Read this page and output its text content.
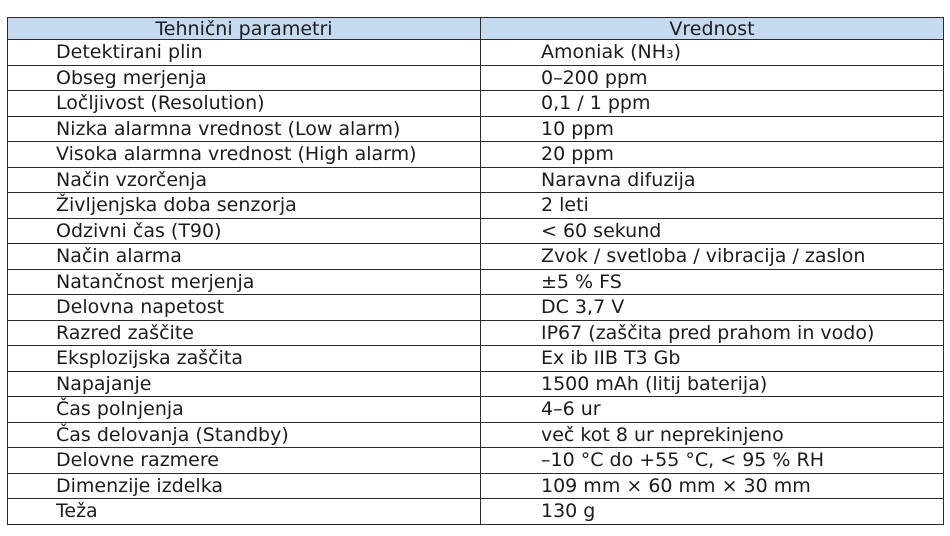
Tehnični parametri	Vrednost
Detektirani plin	Amoniak (NH₃)
Obseg merjenja	0–200 ppm
Ločljivost (Resolution)	0,1 / 1 ppm
Nizka alarmna vrednost (Low alarm)	10 ppm
Visoka alarmna vrednost (High alarm)	20 ppm
Način vzorčenja	Naravna difuzija
Življenjska doba senzorja	2 leti
Odzivni čas (T90)	< 60 sekund
Način alarma	Zvok / svetloba / vibracija / zaslon
Natančnost merjenja	±5 % FS
Delovna napetost	DC 3,7 V
Razred zaščite	IP67 (zaščita pred prahom in vodo)
Eksplozijska zaščita	Ex ib IIB T3 Gb
Napajanje	1500 mAh (litij baterija)
Čas polnjenja	4–6 ur
Čas delovanja (Standby)	več kot 8 ur neprekinjeno
Delovne razmere	–10 °C do +55 °C, < 95 % RH
Dimenzije izdelka	109 mm × 60 mm × 30 mm
Teža	130 g
